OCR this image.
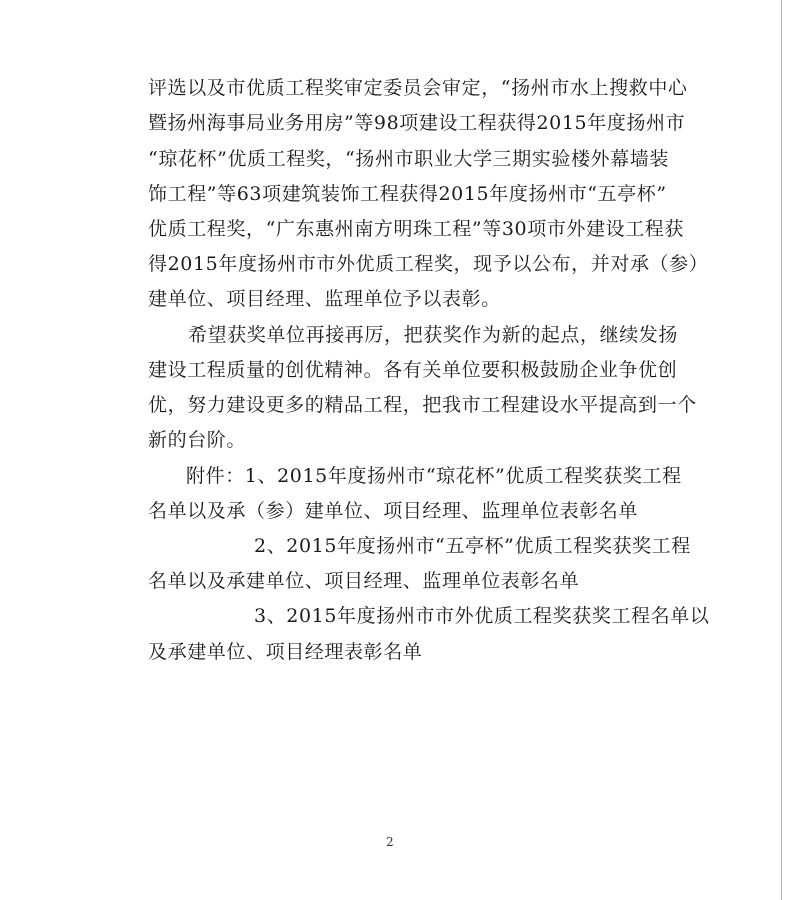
评选以及市优质工程奖审定委员会审定，“扬州市水上搜救中心
暨扬州海事局业务用房”等98项建设工程获得2015年度扬州市
“琼花杯”优质工程奖，“扬州市职业大学三期实验楼外幕墙装
饰工程”等63项建筑装饰工程获得2015年度扬州市“五亭杯”
优质工程奖，“广东惠州南方明珠工程”等30项市外建设工程获
得2015年度扬州市市外优质工程奖，现予以公布，并对承（参）
建单位、项目经理、监理单位予以表彰。
希望获奖单位再接再厉，把获奖作为新的起点，继续发扬
建设工程质量的创优精神。各有关单位要积极鼓励企业争优创
优，努力建设更多的精品工程，把我市工程建设水平提高到一个
新的台阶。
附件：1、2015年度扬州市“琼花杯”优质工程奖获奖工程
名单以及承（参）建单位、项目经理、监理单位表彰名单
2、2015年度扬州市“五亭杯”优质工程奖获奖工程
名单以及承建单位、项目经理、监理单位表彰名单
3、2015年度扬州市市外优质工程奖获奖工程名单以
及承建单位、项目经理表彰名单
2
